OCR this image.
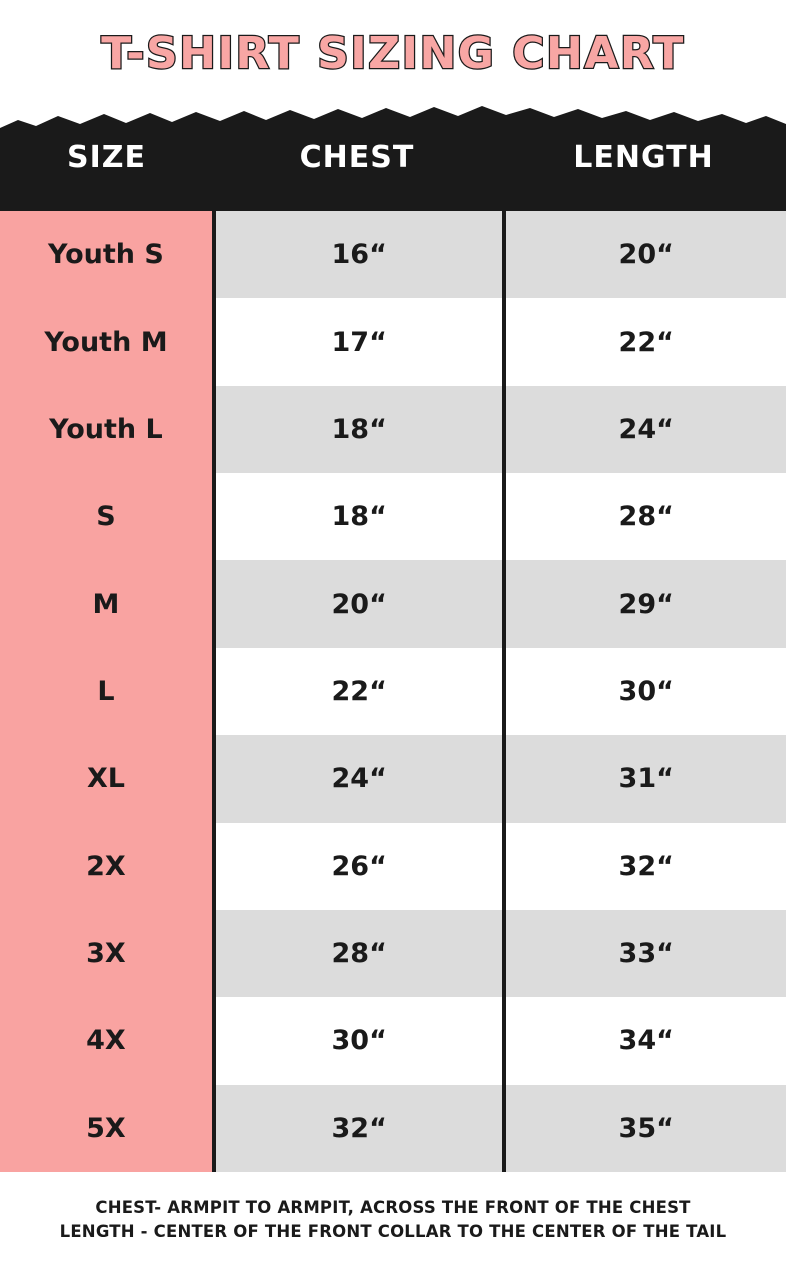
T-SHIRT SIZING CHART
SIZE	CHEST	LENGTH
Youth S	16“	20“
Youth M	17“	22“
Youth L	18“	24“
S	18“	28“
M	20“	29“
L	22“	30“
XL	24“	31“
2X	26“	32“
3X	28“	33“
4X	30“	34“
5X	32“	35“
CHEST- ARMPIT TO ARMPIT, ACROSS THE FRONT OF THE CHEST
LENGTH - CENTER OF THE FRONT COLLAR TO THE CENTER OF THE TAIL
